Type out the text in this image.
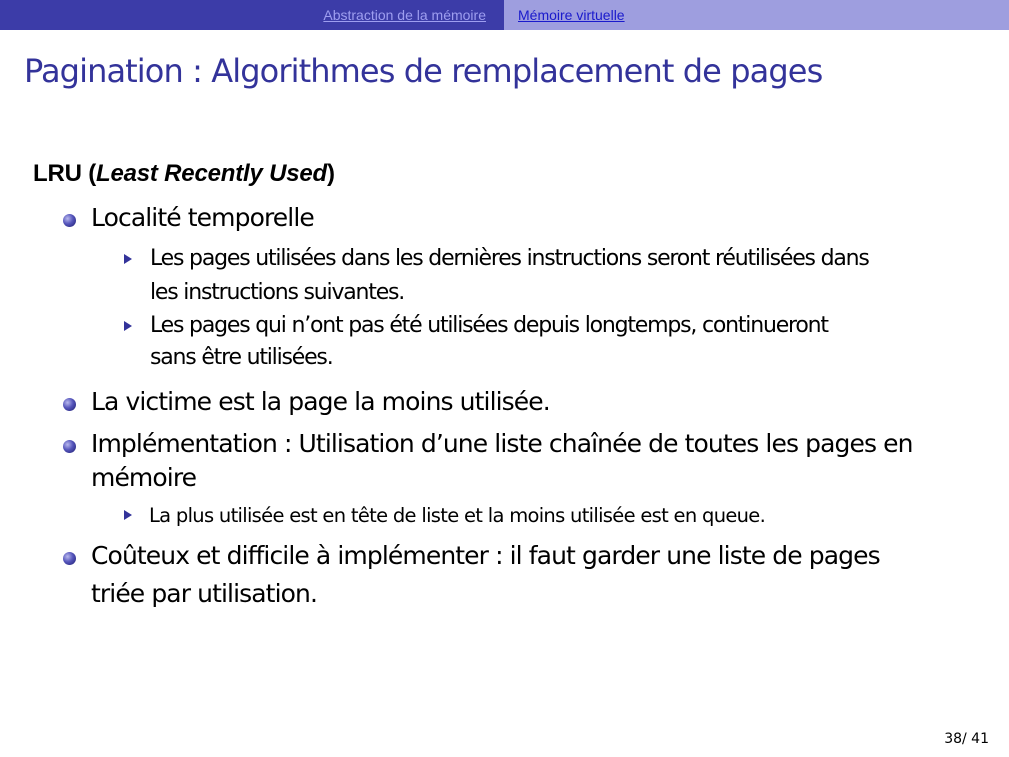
Abstraction de la mémoire Mémoire virtuelle
Pagination : Algorithmes de remplacement de pages
LRU (Least Recently Used)
Localité temporelle
Les pages utilisées dans les dernières instructions seront réutilisées dans
les instructions suivantes.
Les pages qui n’ont pas été utilisées depuis longtemps, continueront
sans être utilisées.
La victime est la page la moins utilisée.
Implémentation : Utilisation d’une liste chaînée de toutes les pages en
mémoire
La plus utilisée est en tête de liste et la moins utilisée est en queue.
Coûteux et difficile à implémenter : il faut garder une liste de pages
triée par utilisation.
38/ 41
